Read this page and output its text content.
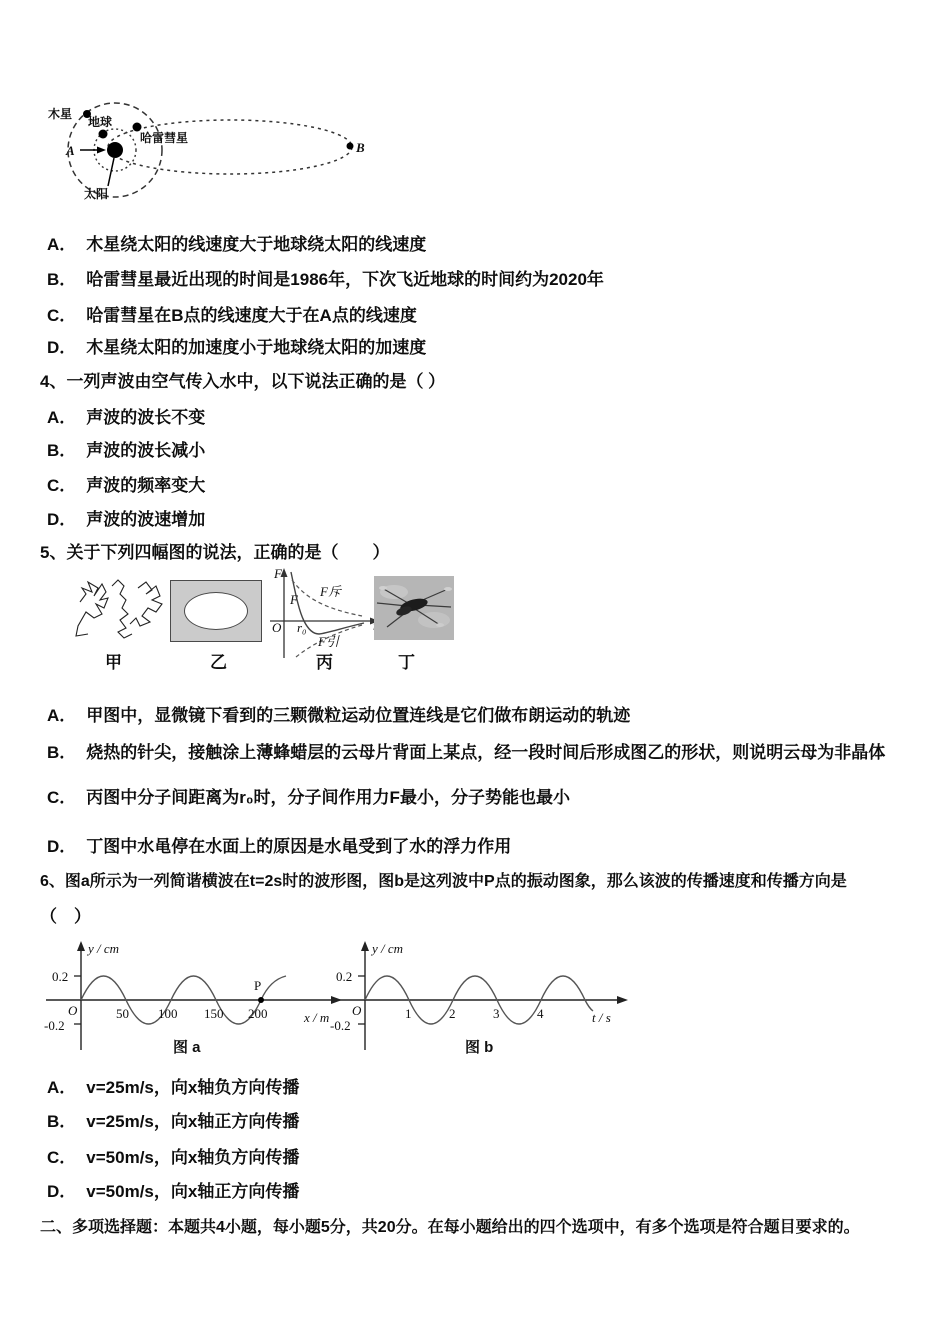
木星
地球
哈雷彗星
太阳
A	B
A． 木星绕太阳的线速度大于地球绕太阳的线速度
B． 哈雷彗星最近出现的时间是1986年，下次飞近地球的时间约为2020年
C． 哈雷彗星在B点的线速度大于在A点的线速度
D． 木星绕太阳的加速度小于地球绕太阳的加速度
4、一列声波由空气传入水中，以下说法正确的是（ ）
A． 声波的波长不变
B． 声波的波长减小
C． 声波的频率变大
D． 声波的波速增加
5、关于下列四幅图的说法，正确的是（　　）
F
O r₀
F
F斥
F引
甲	乙	丙	丁
A． 甲图中，显微镜下看到的三颗微粒运动位置连线是它们做布朗运动的轨迹
B． 烧热的针尖，接触涂上薄蜂蜡层的云母片背面上某点，经一段时间后形成图乙的形状，则说明云母为非晶体
C． 丙图中分子间距离为r₀时，分子间作用力F最小，分子势能也最小
D． 丁图中水黾停在水面上的原因是水黾受到了水的浮力作用
6、图a所示为一列简谐横波在t=2s时的波形图，图b是这列波中P点的振动图象，那么该波的传播速度和传播方向是
（　）
y / cm
0.2
-0.2
O	50 100 150 200	x / m
P
图 a
y / cm
0.2
-0.2
O	1	2	3	4	t / s
图 b
A． v=25m/s，向x轴负方向传播
B． v=25m/s，向x轴正方向传播
C． v=50m/s，向x轴负方向传播
D． v=50m/s，向x轴正方向传播
二、多项选择题：本题共4小题，每小题5分，共20分。在每小题给出的四个选项中，有多个选项是符合题目要求的。
